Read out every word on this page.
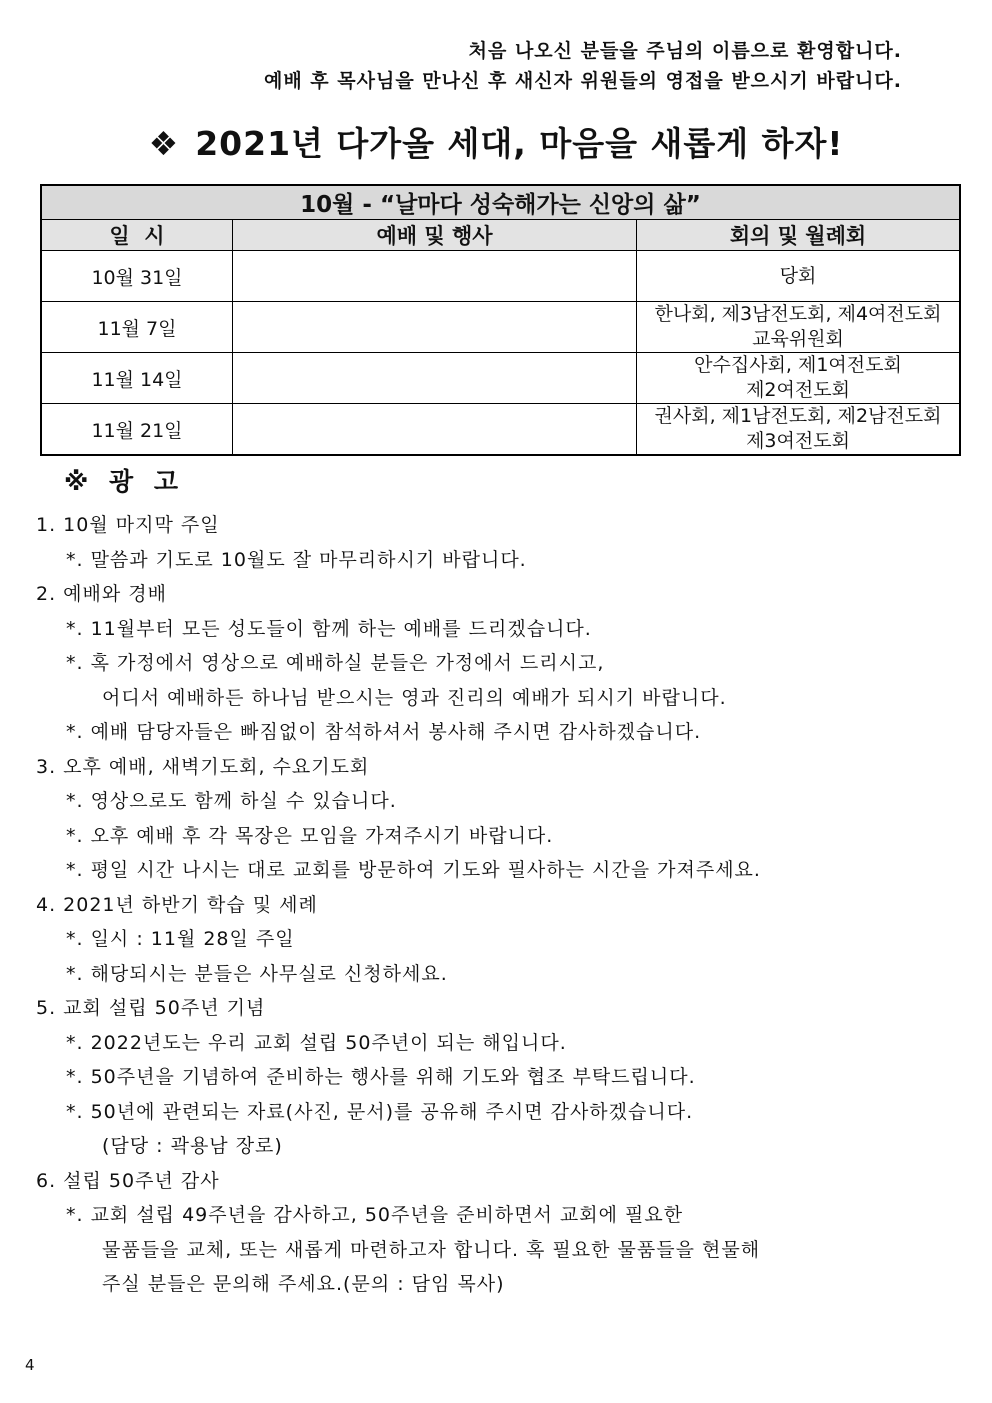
처음 나오신 분들을 주님의 이름으로 환영합니다.
예배 후 목사님을 만나신 후 새신자 위원들의 영접을 받으시기 바랍니다.
❖ 2021년 다가올 세대, 마음을 새롭게 하자!
10월 - “날마다 성숙해가는 신앙의 삶”		
일  시	예배 및 행사	회의 및 월례회
10월 31일		당회

11월 7일		한나회, 제3남전도회, 제4여전도회
교육위원회

11월 14일		안수집사회, 제1여전도회
제2여전도회

11월 21일		권사회, 제1남전도회, 제2남전도회
제3여전도회
※ 광 고
1. 10월 마지막 주일
*. 말씀과 기도로 10월도 잘 마무리하시기 바랍니다.
2. 예배와 경배
*. 11월부터 모든 성도들이 함께 하는 예배를 드리겠습니다.
*. 혹 가정에서 영상으로 예배하실 분들은 가정에서 드리시고,
어디서 예배하든 하나님 받으시는 영과 진리의 예배가 되시기 바랍니다.
*. 예배 담당자들은 빠짐없이 참석하셔서 봉사해 주시면 감사하겠습니다.
3. 오후 예배, 새벽기도회, 수요기도회
*. 영상으로도 함께 하실 수 있습니다.
*. 오후 예배 후 각 목장은 모임을 가져주시기 바랍니다.
*. 평일 시간 나시는 대로 교회를 방문하여 기도와 필사하는 시간을 가져주세요.
4. 2021년 하반기 학습 및 세례
*. 일시 : 11월 28일 주일
*. 해당되시는 분들은 사무실로 신청하세요.
5. 교회 설립 50주년 기념
*. 2022년도는 우리 교회 설립 50주년이 되는 해입니다.
*. 50주년을 기념하여 준비하는 행사를 위해 기도와 협조 부탁드립니다.
*. 50년에 관련되는 자료(사진, 문서)를 공유해 주시면 감사하겠습니다.
(담당 : 곽용남 장로)
6. 설립 50주년 감사
*. 교회 설립 49주년을 감사하고, 50주년을 준비하면서 교회에 필요한
물품들을 교체, 또는 새롭게 마련하고자 합니다. 혹 필요한 물품들을 현물해
주실 분들은 문의해 주세요.(문의 : 담임 목사)
4
